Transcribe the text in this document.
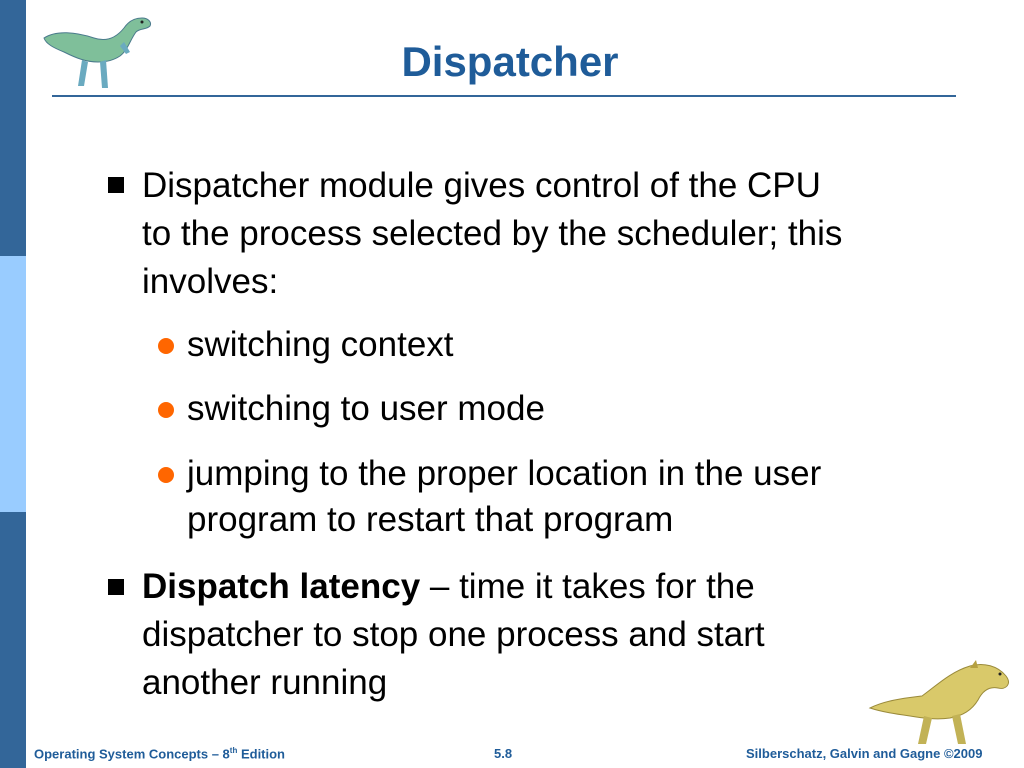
Dispatcher

Dispatcher module gives control of the CPU

to the process selected by the scheduler; this

involves:

switching context

switching to user mode

jumping to the proper location in the user

program to restart that program

Dispatch latency – time it takes for the

dispatcher to stop one process and start

another running

Operating System Concepts – 8th Edition	5.8	Silberschatz, Galvin and Gagne ©2009
